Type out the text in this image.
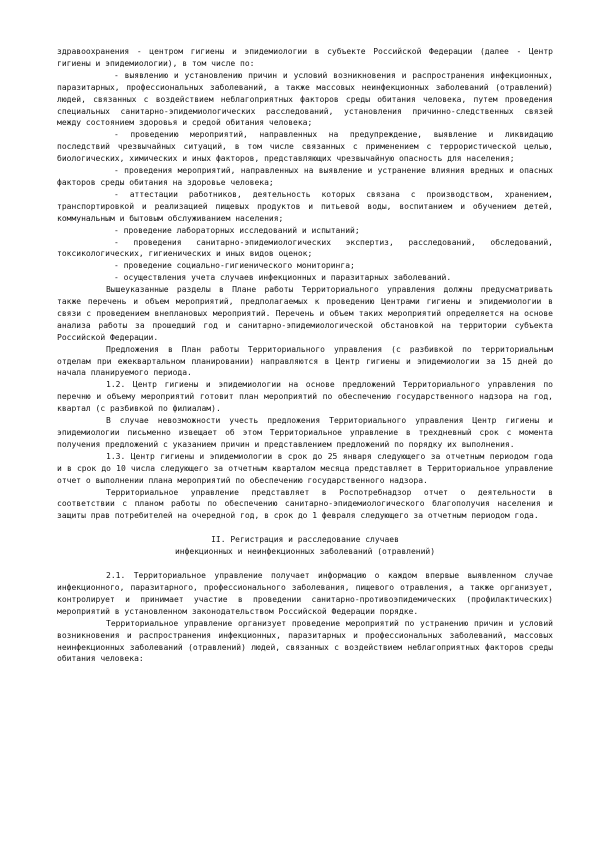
здравоохранения - центром гигиены и эпидемиологии в субъекте Российской Федерации (далее - Центр гигиены и эпидемиологии), в том числе по:

- выявлению и установлению причин и условий возникновения и распространения инфекционных, паразитарных, профессиональных заболеваний, а также массовых неинфекционных заболеваний (отравлений) людей, связанных с воздействием неблагоприятных факторов среды обитания человека, путем проведения специальных санитарно-эпидемиологических расследований, установления причинно-следственных связей между состоянием здоровья и средой обитания человека;

- проведению мероприятий, направленных на предупреждение, выявление и ликвидацию последствий чрезвычайных ситуаций, в том числе связанных с применением с террористической целью, биологических, химических и иных факторов, представляющих чрезвычайную опасность для населения;

- проведения мероприятий, направленных на выявление и устранение влияния вредных и опасных факторов среды обитания на здоровье человека;

- аттестации работников, деятельность которых связана с производством, хранением, транспортировкой и реализацией пищевых продуктов и питьевой воды, воспитанием и обучением детей, коммунальным и бытовым обслуживанием населения;

- проведение лабораторных исследований и испытаний;

- проведения санитарно-эпидемиологических экспертиз, расследований, обследований, токсикологических, гигиенических и иных видов оценок;

- проведение социально-гигиенического мониторинга;

- осуществления учета случаев инфекционных и паразитарных заболеваний.

Вышеуказанные разделы в Плане работы Территориального управления должны предусматривать также перечень и объем мероприятий, предполагаемых к проведению Центрами гигиены и эпидемиологии в связи с проведением внеплановых мероприятий. Перечень и объем таких мероприятий определяется на основе анализа работы за прошедший год и санитарно-эпидемиологической обстановкой на территории субъекта Российской Федерации.

Предложения в План работы Территориального управления (с разбивкой по территориальным отделам при ежеквартальном планировании) направляются в Центр гигиены и эпидемиологии за 15 дней до начала планируемого периода.

1.2. Центр гигиены и эпидемиологии на основе предложений Территориального управления по перечню и объему мероприятий готовит план мероприятий по обеспечению государственного надзора на год, квартал (с разбивкой по филиалам).

В случае невозможности учесть предложения Территориального управления Центр гигиены и эпидемиологии письменно извещает об этом Территориальное управление в трехдневный срок с момента получения предложений с указанием причин и представлением предложений по порядку их выполнения.

1.3. Центр гигиены и эпидемиологии в срок до 25 января следующего за отчетным периодом года и в срок до 10 числа следующего за отчетным кварталом месяца представляет в Территориальное управление отчет о выполнении плана мероприятий по обеспечению государственного надзора.

Территориальное управление представляет в Роспотребнадзор отчет о деятельности в соответствии с планом работы по обеспечению санитарно-эпидемиологического благополучия населения и защиты прав потребителей на очередной год, в срок до 1 февраля следующего за отчетным периодом года.

II. Регистрация и расследование случаев

инфекционных и неинфекционных заболеваний (отравлений)

2.1. Территориальное управление получает информацию о каждом впервые выявленном случае инфекционного, паразитарного, профессионального заболевания, пищевого отравления, а также организует, контролирует и принимает участие в проведении санитарно-противоэпидемических (профилактических) мероприятий в установленном законодательством Российской Федерации порядке.

Территориальное управление организует проведение мероприятий по устранению причин и условий возникновения и распространения инфекционных, паразитарных и профессиональных заболеваний, массовых неинфекционных заболеваний (отравлений) людей, связанных с воздействием неблагоприятных факторов среды обитания человека:
